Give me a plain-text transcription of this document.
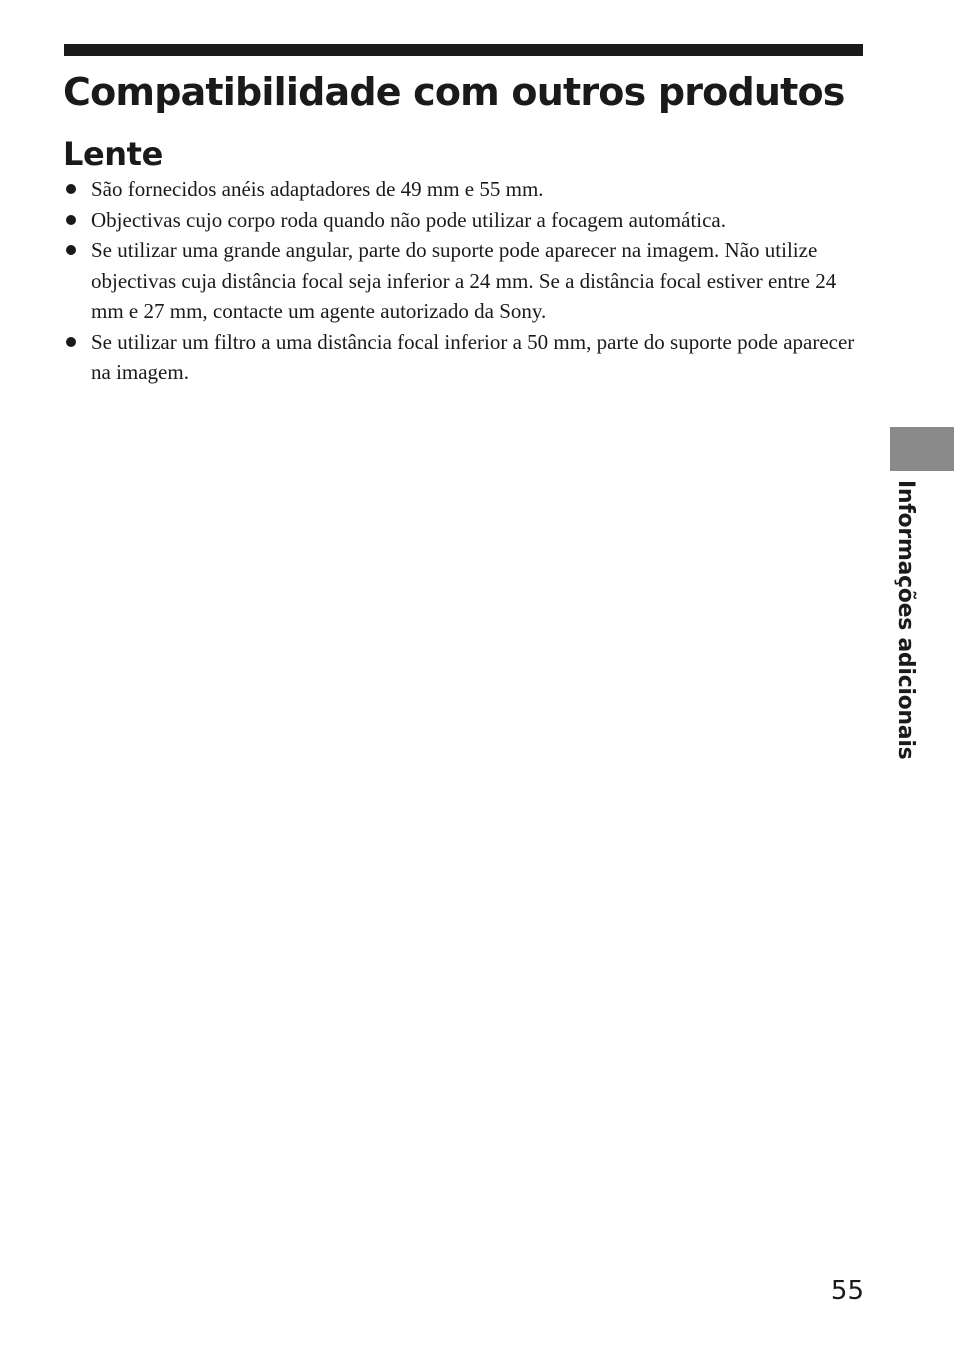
Compatibilidade com outros produtos
Lente
São fornecidos anéis adaptadores de 49 mm e 55 mm.
Objectivas cujo corpo roda quando não pode utilizar a focagem automática.
Se utilizar uma grande angular, parte do suporte pode aparecer na imagem. Não utilize objectivas cuja distância focal seja inferior a 24 mm. Se a distância focal estiver entre 24 mm e 27 mm, contacte um agente autorizado da Sony.
Se utilizar um filtro a uma distância focal inferior a 50 mm, parte do suporte pode aparecer na imagem.
Informações adicionais
55
